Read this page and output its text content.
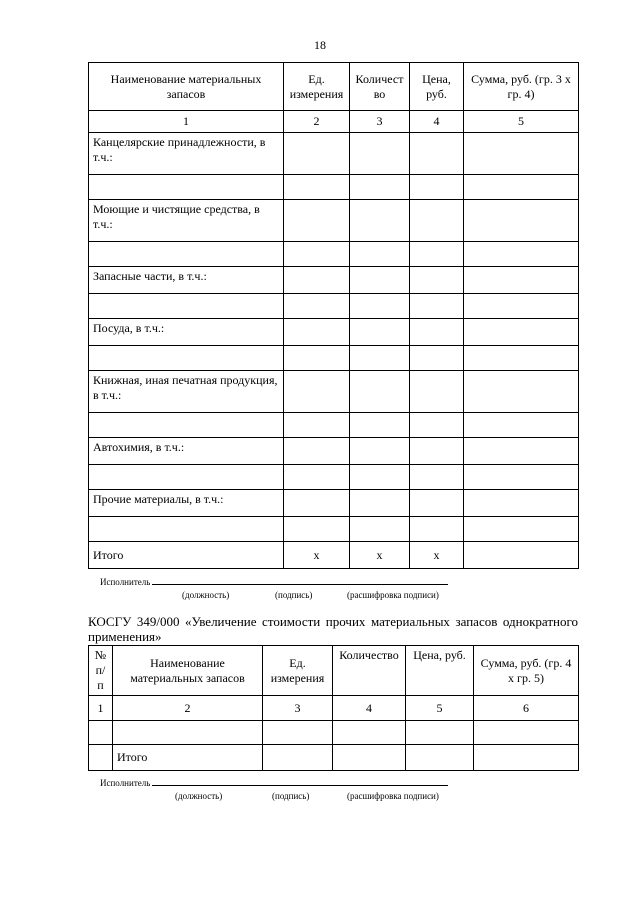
18
Наименование материальных запасов	Ед. измерения	Количест во	Цена, руб.	Сумма, руб. (гр. 3 х гр. 4)
1	2	3	4	5
Канцелярские принадлежности, в т.ч.:				

Моющие и чистящие средства, в т.ч.:				

Запасные части, в т.ч.:				

Посуда, в т.ч.:				

Книжная, иная печатная продукция, в т.ч.:				

Автохимия, в т.ч.:				

Прочие материалы, в т.ч.:				

Итого	х	х	х	
Исполнитель
(должность)	(подпись)	(расшифровка подписи)
КОСГУ 349/000 «Увеличение стоимости прочих материальных запасов однократного применения»
№ п/п	Наименование материальных запасов	Ед. измерения	Количество	Цена, руб.	Сумма, руб. (гр. 4 х гр. 5)
1	2	3	4	5	6

	Итого				
Исполнитель
(должность)	(подпись)	(расшифровка подписи)
